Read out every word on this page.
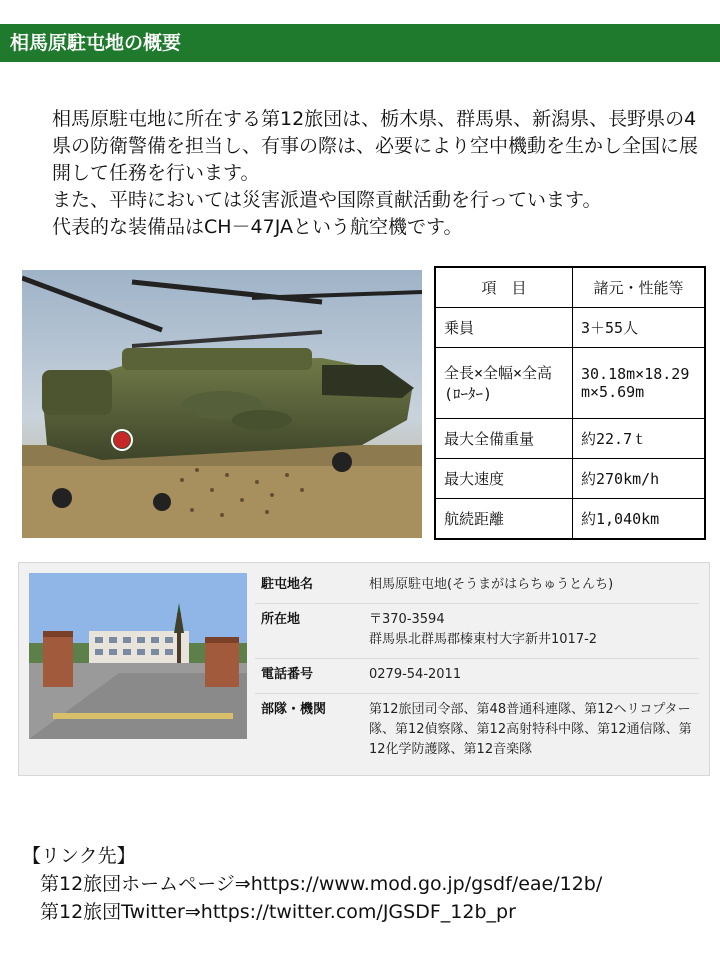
相馬原駐屯地の概要

相馬原駐屯地に所在する第12旅団は、栃木県、群馬県、新潟県、長野県の4県の防衛警備を担当し、有事の際は、必要により空中機動を生かし全国に展開して任務を行います。

また、平時においては災害派遣や国際貢献活動を行っています。

代表的な装備品はCH－47JAという航空機です。

項　目	諸元・性能等
乗員	3＋55人
全長×全幅×全高(ﾛｰﾀｰ)	30.18m×18.29m×5.69m
最大全備重量	約22.7ｔ
最大速度	約270km/h
航続距離	約1,040km
駐屯地名	相馬原駐屯地(そうまがはらちゅうとんち)
所在地	〒370-3594
群馬県北群馬郡榛東村大字新井1017-2
電話番号	0279-54-2011
部隊・機関	第12旅団司令部、第48普通科連隊、第12ヘリコプター隊、第12偵察隊、第12高射特科中隊、第12通信隊、第12化学防護隊、第12音楽隊
【リンク先】
第12旅団ホームページ⇒https://www.mod.go.jp/gsdf/eae/12b/
第12旅団Twitter⇒https://twitter.com/JGSDF_12b_pr
